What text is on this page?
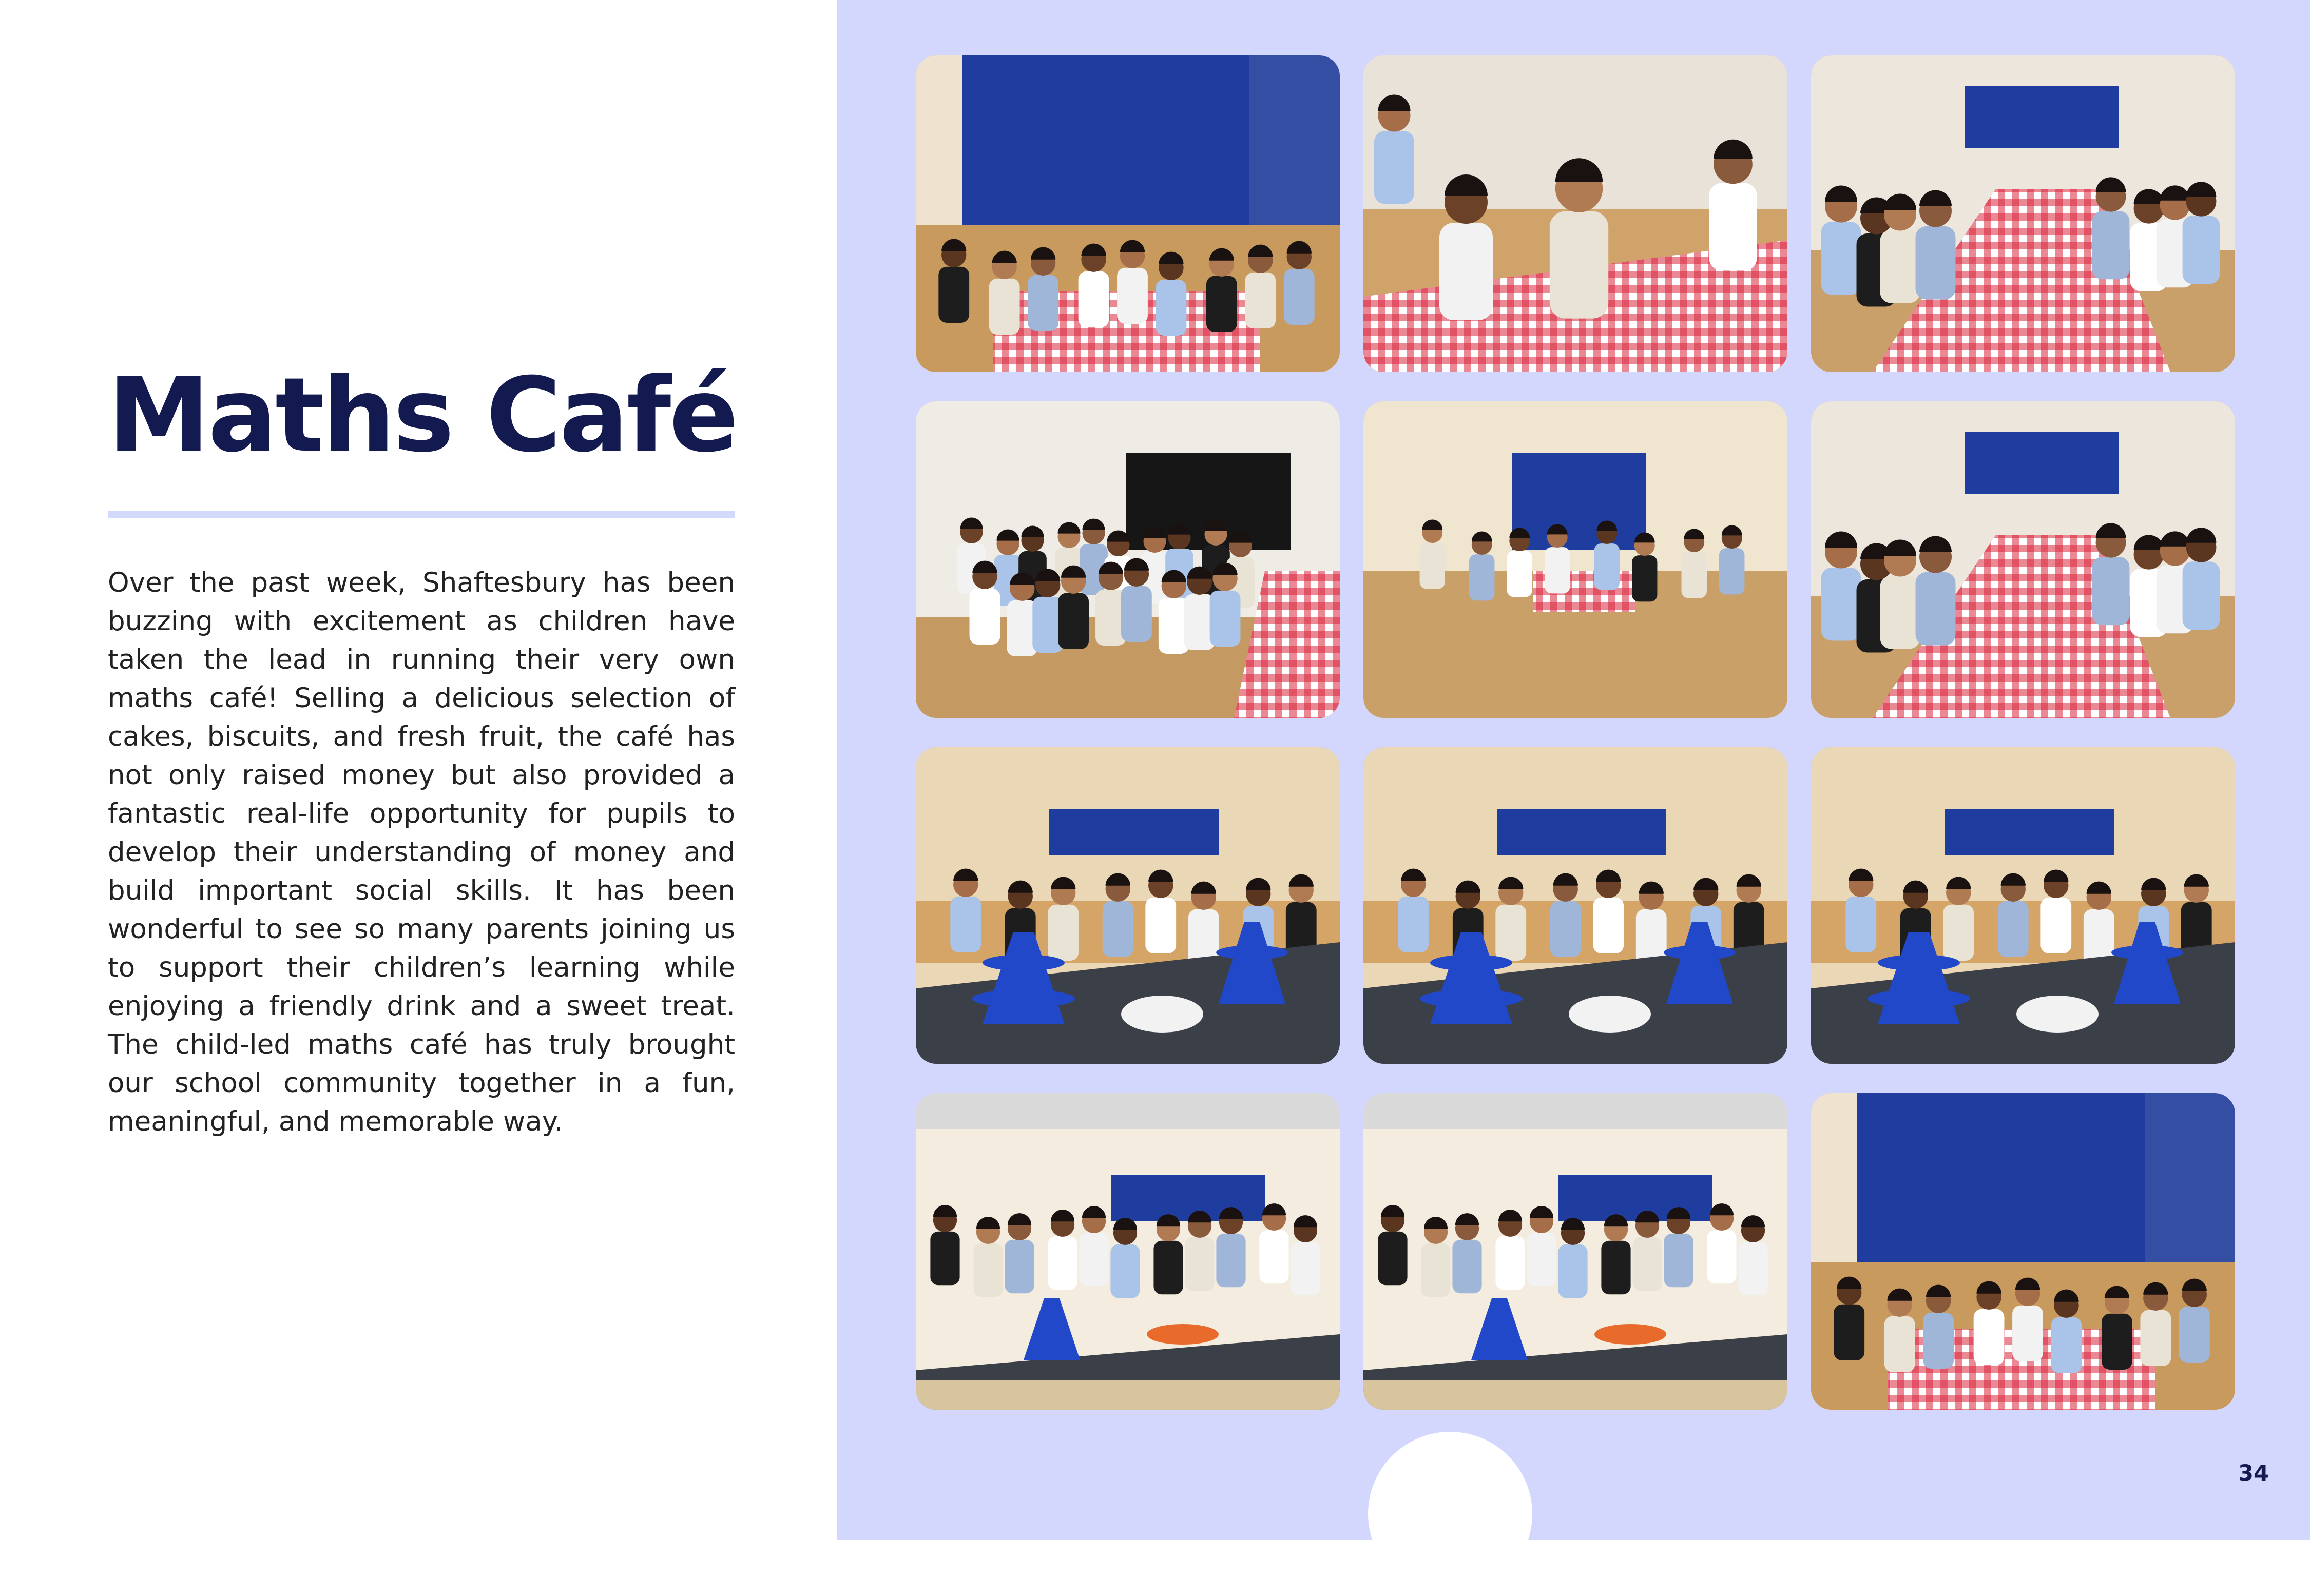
Maths Café

Over the past week, Shaftesbury has been buzzing with excitement as children have taken the lead in running their very own maths café! Selling a delicious selection of cakes, biscuits, and fresh fruit, the café has not only raised money but also provided a fantastic real-life opportunity for pupils to develop their understanding of money and build important social skills. It has been wonderful to see so many parents joining us to support their children’s learning while enjoying a friendly drink and a sweet treat. The child-led maths café has truly brought our school community together in a fun, meaningful, and memorable way.

34
